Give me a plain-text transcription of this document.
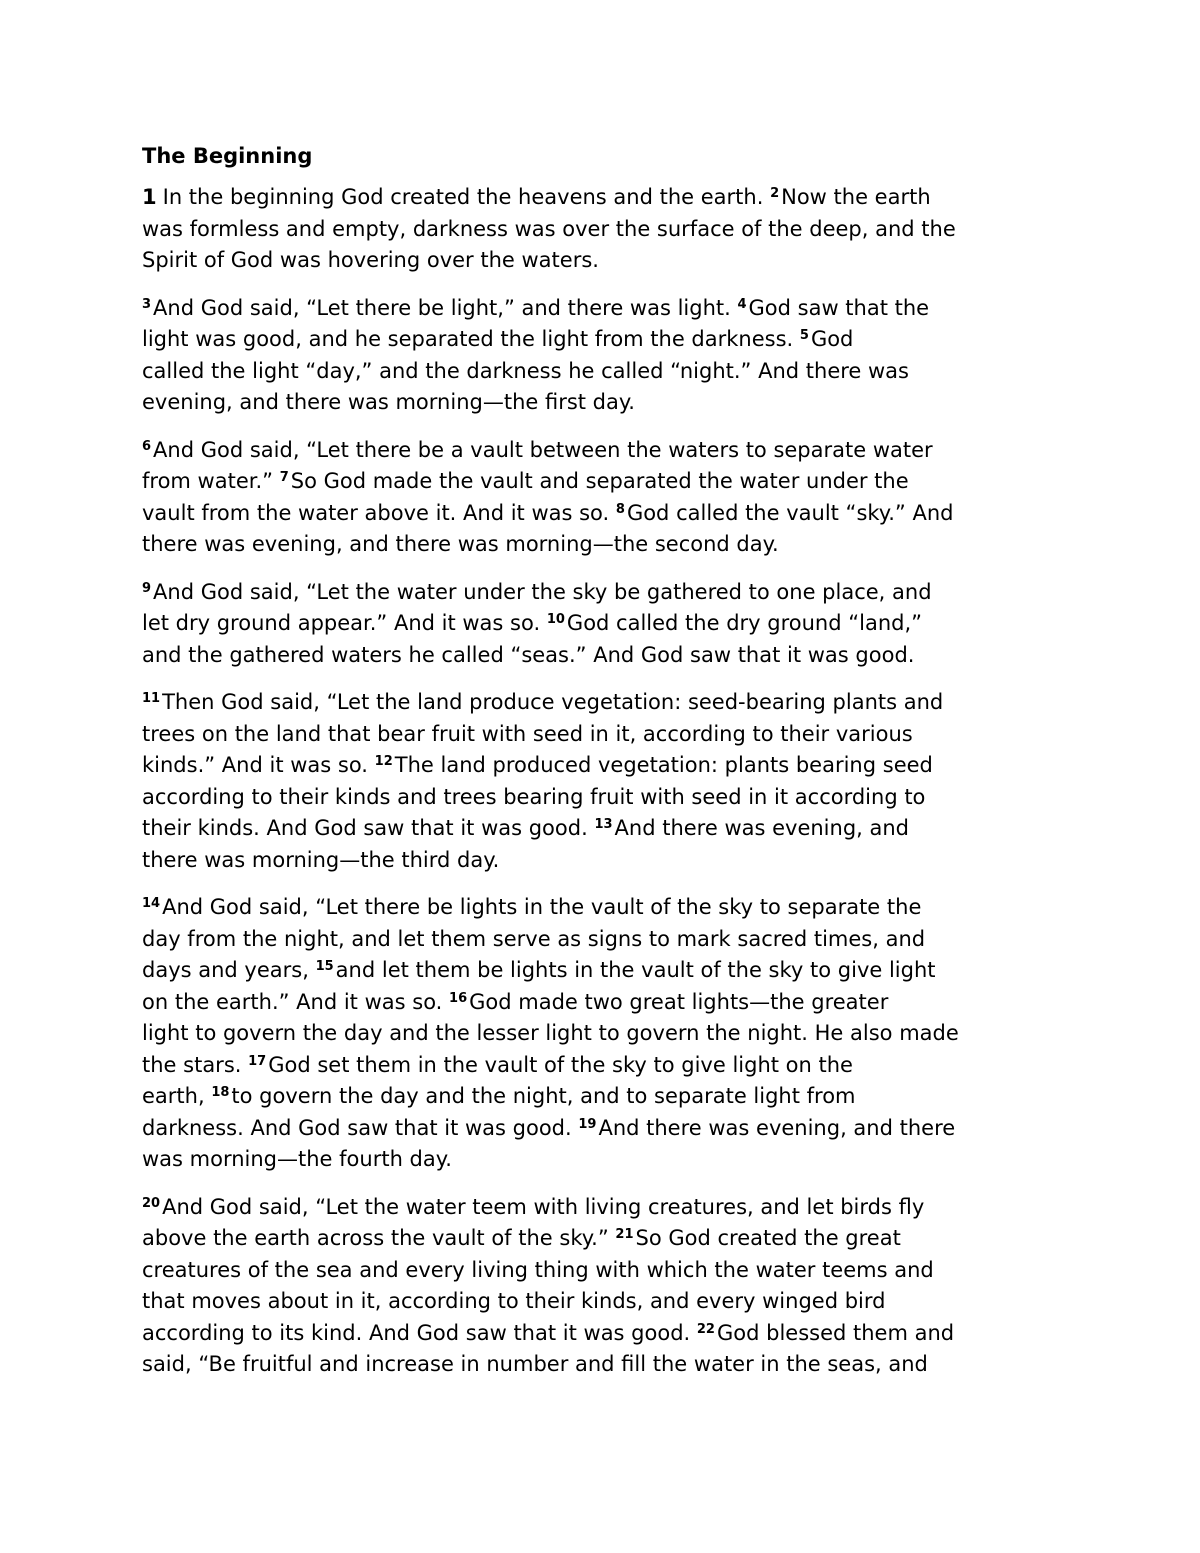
The Beginning
1 In the beginning God created the heavens and the earth. $^2$Now the earth
was formless and empty, darkness was over the surface of the deep, and the
Spirit of God was hovering over the waters.
$^3$And God said, “Let there be light,” and there was light. $^4$God saw that the
light was good, and he separated the light from the darkness. $^5$God
called the light “day,” and the darkness he called “night.” And there was
evening, and there was morning—the first day.
$^6$And God said, “Let there be a vault between the waters to separate water
from water.” $^7$So God made the vault and separated the water under the
vault from the water above it. And it was so. $^8$God called the vault “sky.” And
there was evening, and there was morning—the second day.
$^9$And God said, “Let the water under the sky be gathered to one place, and
let dry ground appear.” And it was so. $^{10}$God called the dry ground “land,”
and the gathered waters he called “seas.” And God saw that it was good.
$^{11}$Then God said, “Let the land produce vegetation: seed-bearing plants and
trees on the land that bear fruit with seed in it, according to their various
kinds.” And it was so. $^{12}$The land produced vegetation: plants bearing seed
according to their kinds and trees bearing fruit with seed in it according to
their kinds. And God saw that it was good. $^{13}$And there was evening, and
there was morning—the third day.
$^{14}$And God said, “Let there be lights in the vault of the sky to separate the
day from the night, and let them serve as signs to mark sacred times, and
days and years, $^{15}$and let them be lights in the vault of the sky to give light
on the earth.” And it was so. $^{16}$God made two great lights—the greater
light to govern the day and the lesser light to govern the night. He also made
the stars. $^{17}$God set them in the vault of the sky to give light on the
earth, $^{18}$to govern the day and the night, and to separate light from
darkness. And God saw that it was good. $^{19}$And there was evening, and there
was morning—the fourth day.
$^{20}$And God said, “Let the water teem with living creatures, and let birds fly
above the earth across the vault of the sky.” $^{21}$So God created the great
creatures of the sea and every living thing with which the water teems and
that moves about in it, according to their kinds, and every winged bird
according to its kind. And God saw that it was good. $^{22}$God blessed them and
said, “Be fruitful and increase in number and fill the water in the seas, and
